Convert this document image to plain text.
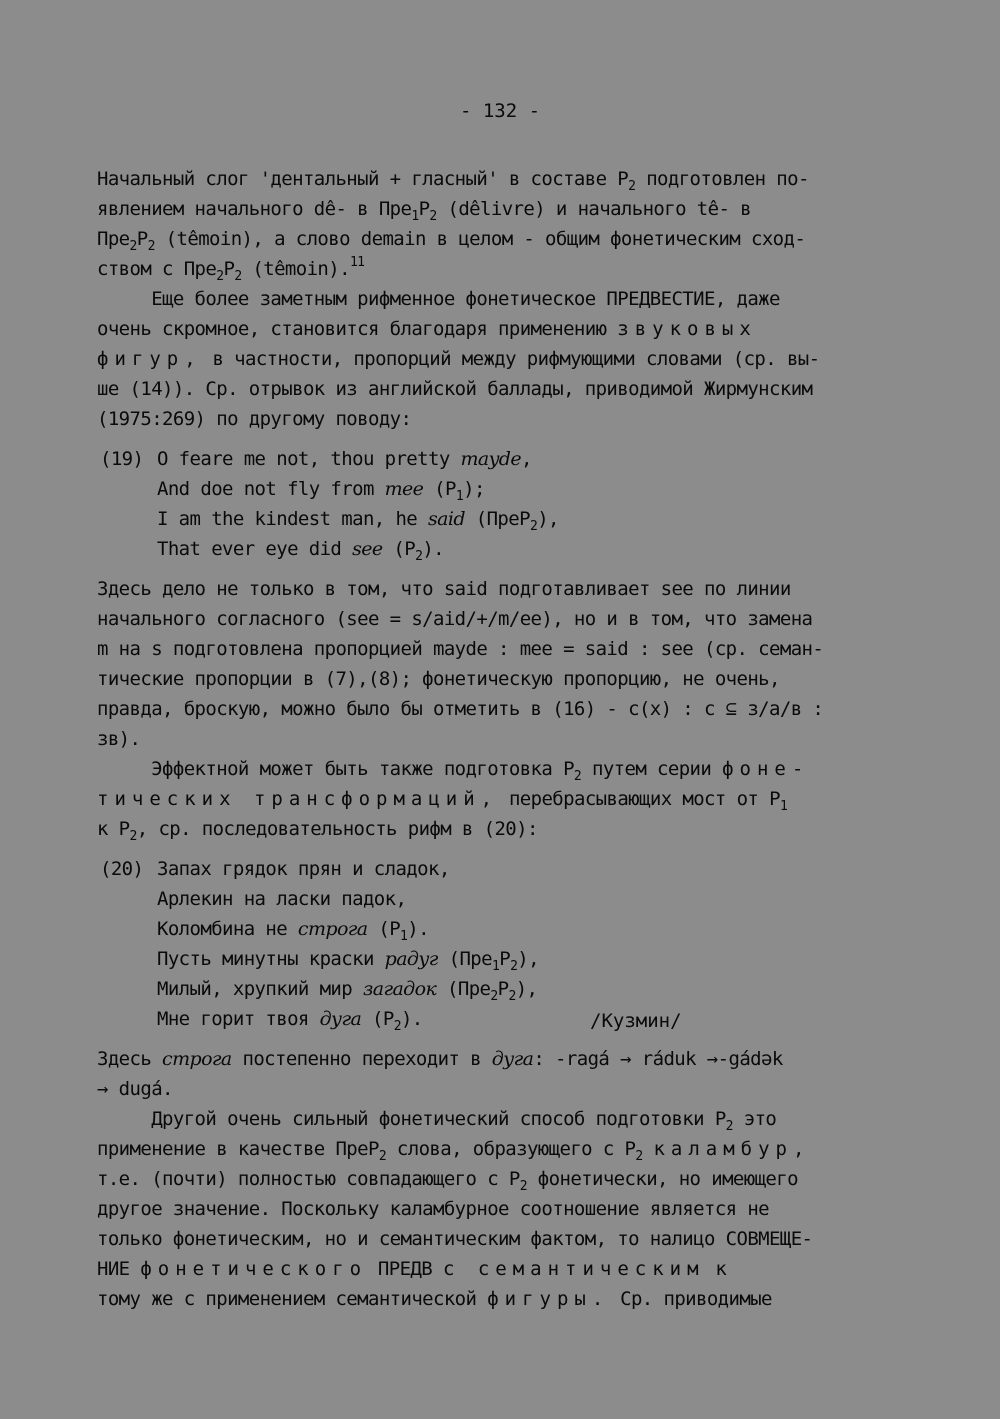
- 132 -
Начальный слог 'дентальный + гласный' в составе $P_2$ подготовлен по-
явлением начального dê- в $Пре_1P_2$ (dêlivre) и начального tê- в
$Пре_2P_2$ (têmoin), а слово demain в целом - общим фонетическим сход-
ством с $Пре_2P_2$ (têmoin).$^{11}$
Еще более заметным рифменное фонетическое ПРЕДВЕСТИЕ, даже
очень скромное, становится благодаря применению звуковых
фигур, в частности, пропорций между рифмующими словами (ср. вы-
ше (14)). Ср. отрывок из английской баллады, приводимой Жирмунским
(1975:269) по другому поводу:
(19) O feare me not, thou pretty mayde,
And doe not fly from mee $(P_1)$;
I am the kindest man, he said (ПреP$_2$),
That ever eye did see $(P_2)$.
Здесь дело не только в том, что said подготавливает see по линии
начального согласного (see = s/aid/+/m/ee), но и в том, что замена
m на s подготовлена пропорцией mayde : mee = said : see (ср. семан-
тические пропорции в (7),(8); фонетическую пропорцию, не очень,
правда, броскую, можно было бы отметить в (16) - c(x) : c ⊆ з/а/в :
зв).
Эффектной может быть также подготовка $P_2$ путем серии фоне-
тических трансформаций, перебрасывающих мост от $P_1$
к $P_2$, ср. последовательность рифм в (20):
(20) Запах грядок прян и сладок,
Арлекин на ласки падок,
Коломбина не строга $(P_1)$.
Пусть минутны краски радуг $(Пре_1P_2)$,
Милый, хрупкий мир загадок $(Пре_2P_2)$,
Мне горит твоя дуга $(P_2)$.
Здесь строга постепенно переходит в дуга: -ragá → ráduk →-gádək
→ dugá.
Другой очень сильный фонетический способ подготовки $P_2$ это
применение в качестве ПреP$_2$ слова, образующего с $P_2$ каламбур,
т.е. (почти) полностью совпадающего с $P_2$ фонетически, но имеющего
другое значение. Поскольку каламбурное соотношение является не
только фонетическим, но и семантическим фактом, то налицо СОВМЕЩЕ-
НИЕ фонетического ПРЕДВ с семантическим к
тому же с применением семантической фигуры. Ср. приводимые
/Кузмин/
